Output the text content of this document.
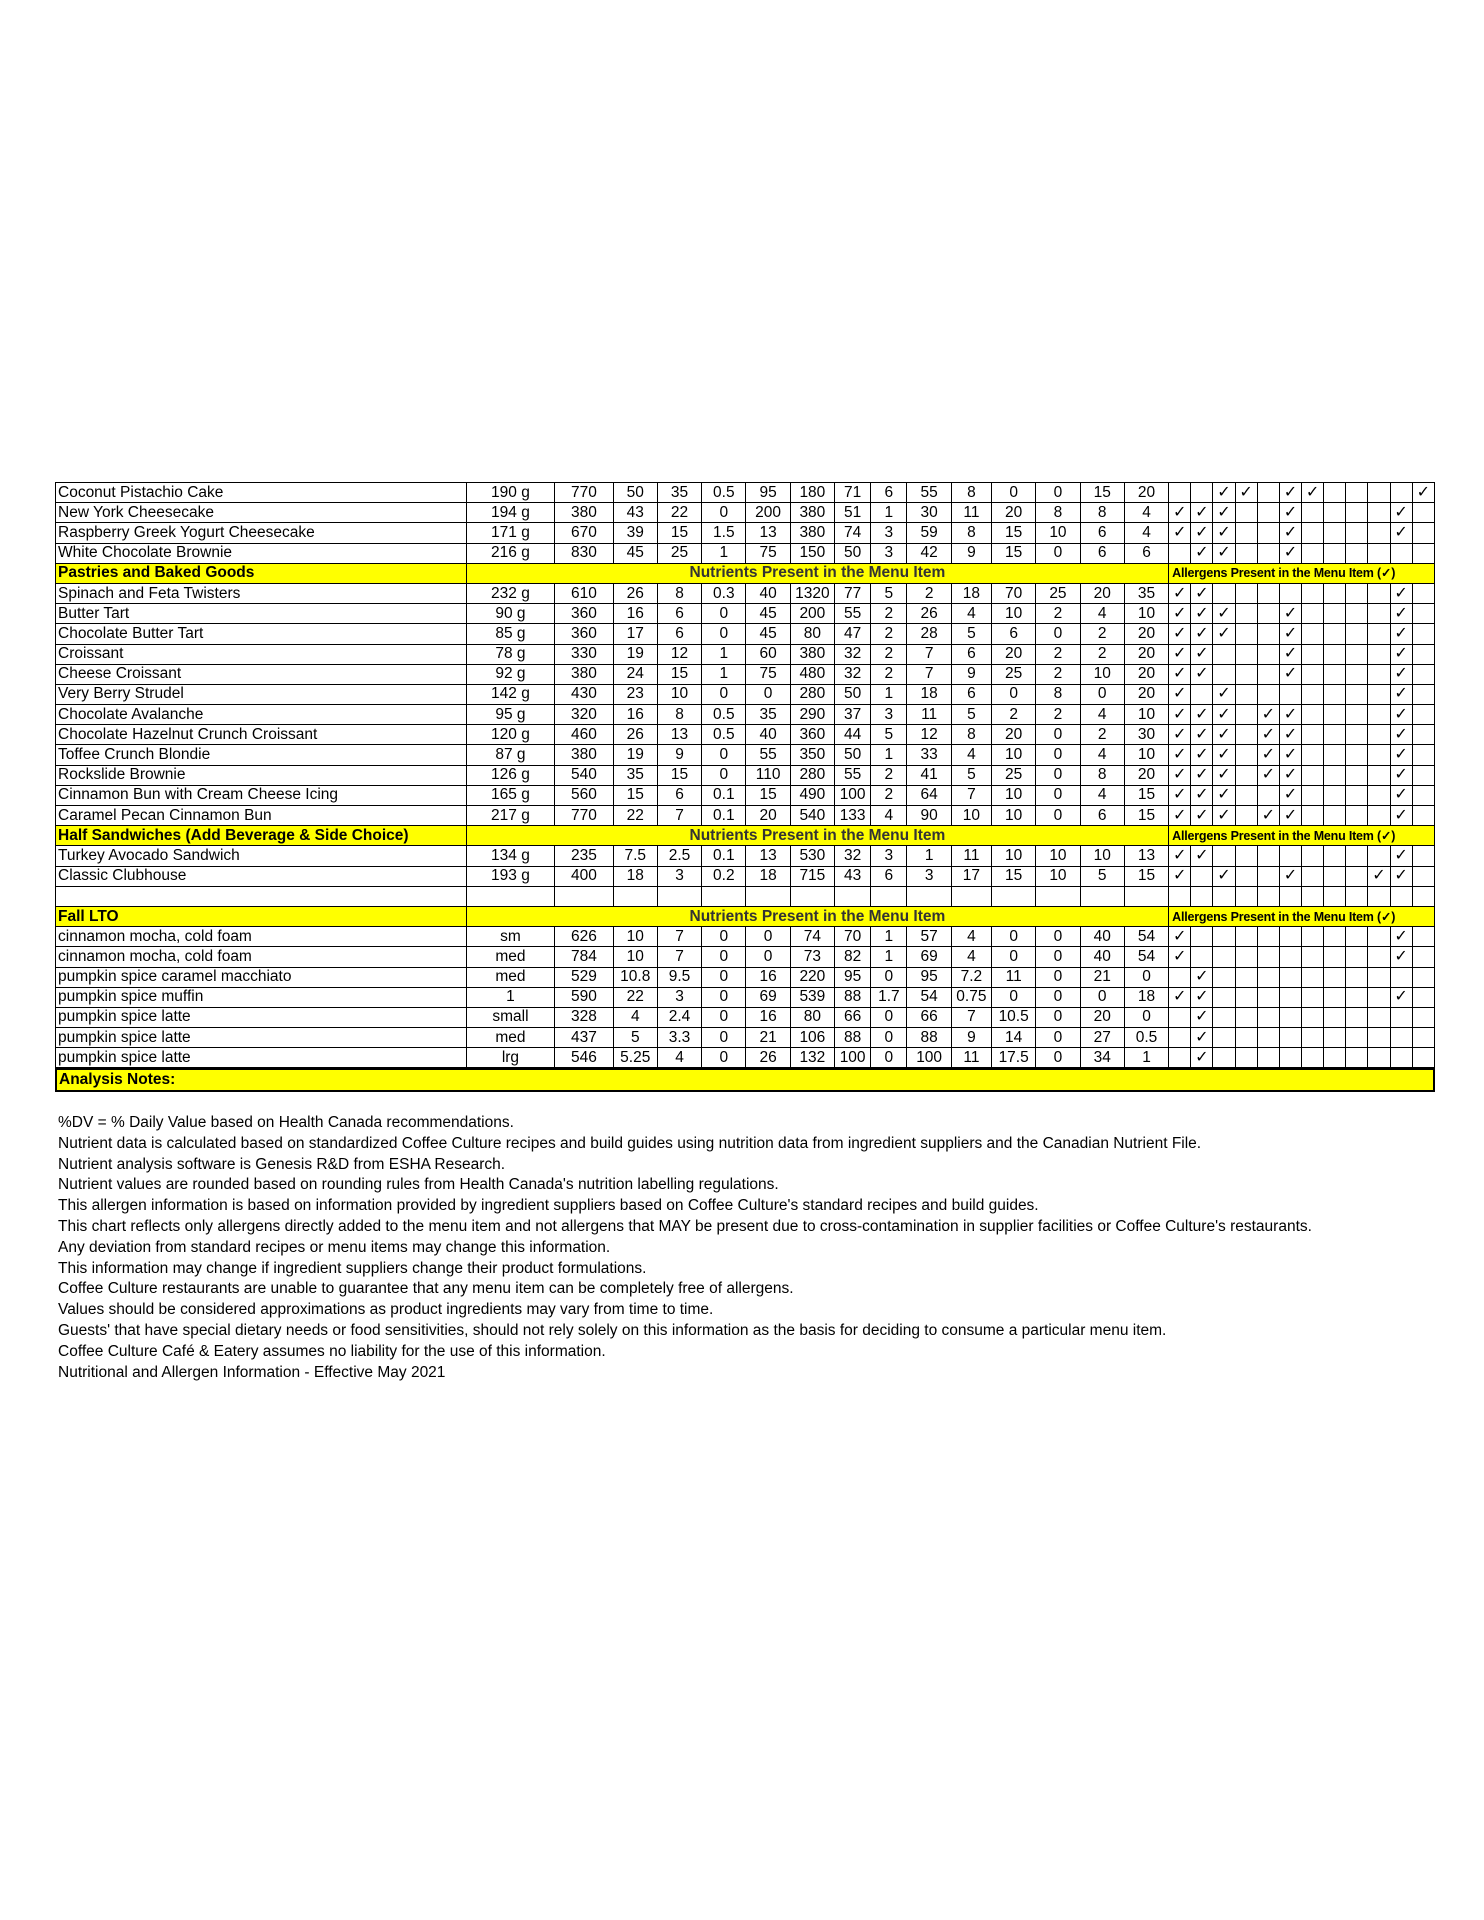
Coconut Pistachio Cake	190 g	770	50	35	0.5	95	180	71	6	55	8	0	0	15	20			✓	✓		✓	✓					✓
New York Cheesecake	194 g	380	43	22	0	200	380	51	1	30	11	20	8	8	4	✓	✓	✓			✓					✓	
Raspberry Greek Yogurt Cheesecake	171 g	670	39	15	1.5	13	380	74	3	59	8	15	10	6	4	✓	✓	✓			✓					✓	
White Chocolate Brownie	216 g	830	45	25	1	75	150	50	3	42	9	15	0	6	6		✓	✓			✓						
Pastries and Baked Goods	Nutrients Present in the Menu Item															Allergens Present in the Menu Item (✓)											
Spinach and Feta Twisters	232 g	610	26	8	0.3	40	1320	77	5	2	18	70	25	20	35	✓	✓									✓	
Butter Tart	90 g	360	16	6	0	45	200	55	2	26	4	10	2	4	10	✓	✓	✓			✓					✓	
Chocolate Butter Tart	85 g	360	17	6	0	45	80	47	2	28	5	6	0	2	20	✓	✓	✓			✓					✓	
Croissant	78 g	330	19	12	1	60	380	32	2	7	6	20	2	2	20	✓	✓				✓					✓	
Cheese Croissant	92 g	380	24	15	1	75	480	32	2	7	9	25	2	10	20	✓	✓				✓					✓	
Very Berry Strudel	142 g	430	23	10	0	0	280	50	1	18	6	0	8	0	20	✓		✓								✓	
Chocolate Avalanche	95 g	320	16	8	0.5	35	290	37	3	11	5	2	2	4	10	✓	✓	✓		✓	✓					✓	
Chocolate Hazelnut Crunch Croissant	120 g	460	26	13	0.5	40	360	44	5	12	8	20	0	2	30	✓	✓	✓		✓	✓					✓	
Toffee Crunch Blondie	87 g	380	19	9	0	55	350	50	1	33	4	10	0	4	10	✓	✓	✓		✓	✓					✓	
Rockslide Brownie	126 g	540	35	15	0	110	280	55	2	41	5	25	0	8	20	✓	✓	✓		✓	✓					✓	
Cinnamon Bun with Cream Cheese Icing	165 g	560	15	6	0.1	15	490	100	2	64	7	10	0	4	15	✓	✓	✓			✓					✓	
Caramel Pecan Cinnamon Bun	217 g	770	22	7	0.1	20	540	133	4	90	10	10	0	6	15	✓	✓	✓		✓	✓					✓	
Half Sandwiches (Add Beverage & Side Choice)	Nutrients Present in the Menu Item															Allergens Present in the Menu Item (✓)											
Turkey Avocado Sandwich	134 g	235	7.5	2.5	0.1	13	530	32	3	1	11	10	10	10	13	✓	✓									✓	
Classic Clubhouse	193 g	400	18	3	0.2	18	715	43	6	3	17	15	10	5	15	✓		✓			✓				✓	✓	

Fall LTO	Nutrients Present in the Menu Item															Allergens Present in the Menu Item (✓)											
cinnamon mocha, cold foam	sm	626	10	7	0	0	74	70	1	57	4	0	0	40	54	✓										✓	
cinnamon mocha, cold foam	med	784	10	7	0	0	73	82	1	69	4	0	0	40	54	✓										✓	
pumpkin spice caramel macchiato	med	529	10.8	9.5	0	16	220	95	0	95	7.2	11	0	21	0		✓										
pumpkin spice muffin	1	590	22	3	0	69	539	88	1.7	54	0.75	0	0	0	18	✓	✓									✓	
pumpkin spice latte	small	328	4	2.4	0	16	80	66	0	66	7	10.5	0	20	0		✓										
pumpkin spice latte	med	437	5	3.3	0	21	106	88	0	88	9	14	0	27	0.5		✓										
pumpkin spice latte	lrg	546	5.25	4	0	26	132	100	0	100	11	17.5	0	34	1		✓										
Analysis Notes:
%DV = % Daily Value based on Health Canada recommendations.
Nutrient data is calculated based on standardized Coffee Culture recipes and build guides using nutrition data from ingredient suppliers and the Canadian Nutrient File.
Nutrient analysis software is Genesis R&D from ESHA Research.
Nutrient values are rounded based on rounding rules from Health Canada's nutrition labelling regulations.
This allergen information is based on information provided by ingredient suppliers based on Coffee Culture's standard recipes and build guides.
This chart reflects only allergens directly added to the menu item and not allergens that MAY be present due to cross-contamination in supplier facilities or Coffee Culture's restaurants.
Any deviation from standard recipes or menu items may change this information.
This information may change if ingredient suppliers change their product formulations.
Coffee Culture restaurants are unable to guarantee that any menu item can be completely free of allergens.
Values should be considered approximations as product ingredients may vary from time to time.
Guests' that have special dietary needs or food sensitivities, should not rely solely on this information as the basis for deciding to consume a particular menu item.
Coffee Culture Café & Eatery assumes no liability for the use of this information.
Nutritional and Allergen Information - Effective May 2021
